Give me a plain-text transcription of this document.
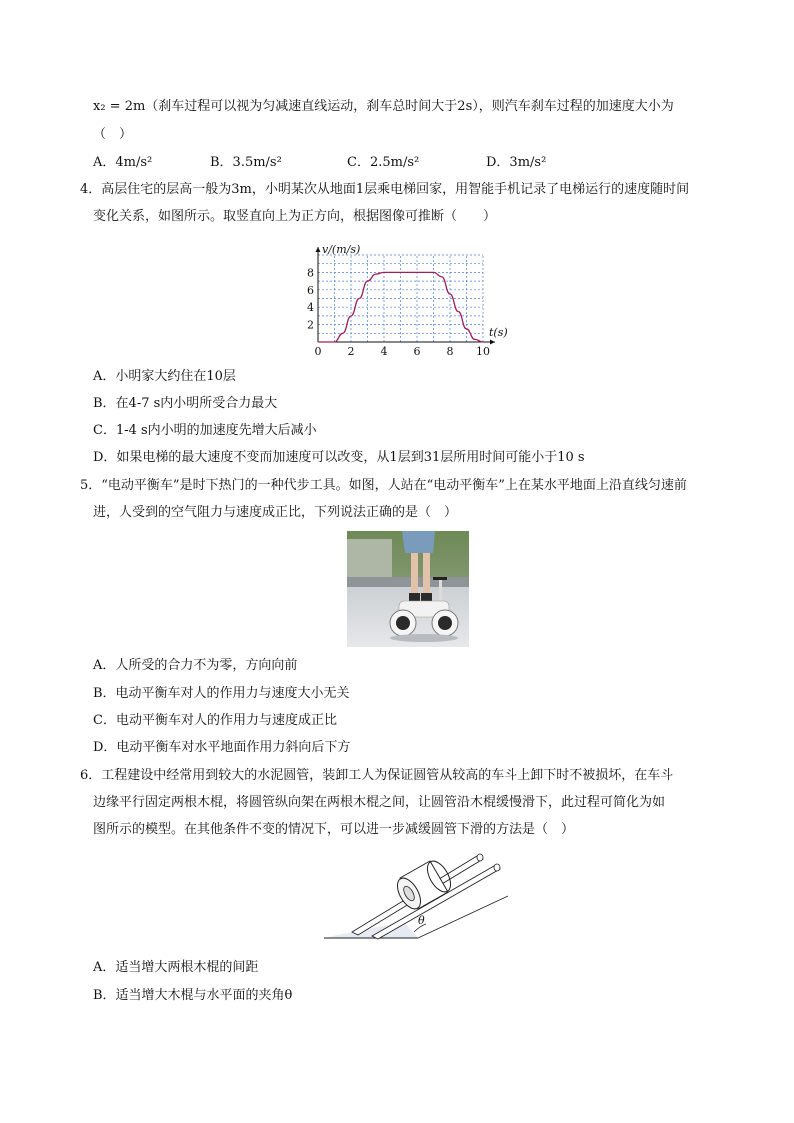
x₂ = 2m（刹车过程可以视为匀减速直线运动，刹车总时间大于2s），则汽车刹车过程的加速度大小为
（　）
A．4m/s²	B．3.5m/s²	C．2.5m/s²	D．3m/s²
4．高层住宅的层高一般为3m，小明某次从地面1层乘电梯回家，用智能手机记录了电梯运行的速度随时间
变化关系，如图所示。取竖直向上为正方向，根据图像可推断（　　）
v/(m/s)
t(s)
0 2 4 6 8 10
2
4
6
8
A．小明家大约住在10层
B．在4-7 s内小明所受合力最大
C．1-4 s内小明的加速度先增大后减小
D．如果电梯的最大速度不变而加速度可以改变，从1层到31层所用时间可能小于10 s
5．“电动平衡车”是时下热门的一种代步工具。如图，人站在“电动平衡车”上在某水平地面上沿直线匀速前
进，人受到的空气阻力与速度成正比，下列说法正确的是（　）
A．人所受的合力不为零，方向向前
B．电动平衡车对人的作用力与速度大小无关
C．电动平衡车对人的作用力与速度成正比
D．电动平衡车对水平地面作用力斜向后下方
6．工程建设中经常用到较大的水泥圆管，装卸工人为保证圆管从较高的车斗上卸下时不被损坏，在车斗
边缘平行固定两根木棍，将圆管纵向架在两根木棍之间，让圆管沿木棍缓慢滑下，此过程可简化为如
图所示的模型。在其他条件不变的情况下，可以进一步减缓圆管下滑的方法是（　）
θ
A．适当增大两根木棍的间距
B．适当增大木棍与水平面的夹角θ
